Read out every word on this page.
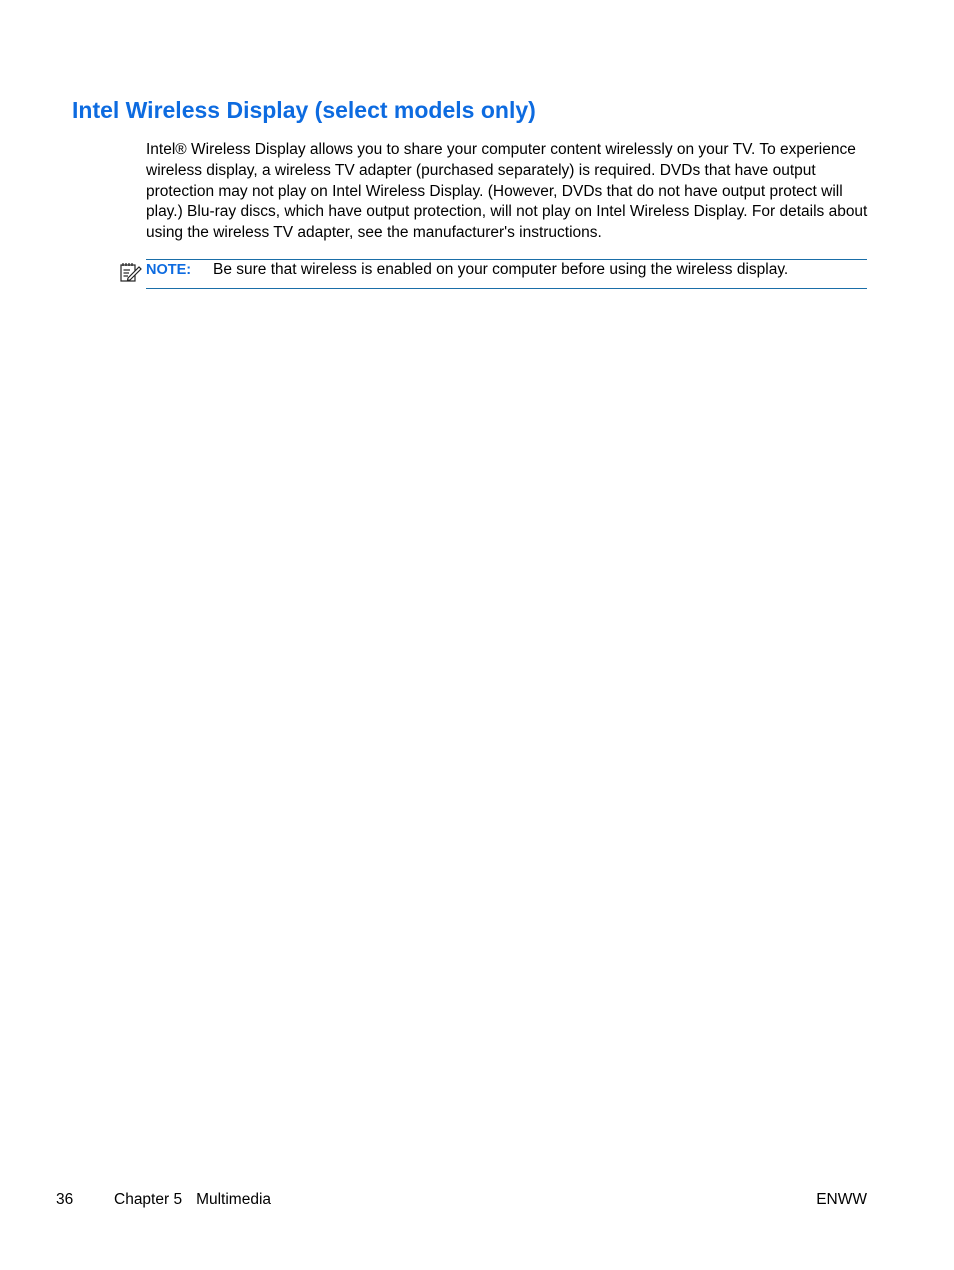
Intel Wireless Display (select models only)

Intel® Wireless Display allows you to share your computer content wirelessly on your TV. To experience wireless display, a wireless TV adapter (purchased separately) is required. DVDs that have output protection may not play on Intel Wireless Display. (However, DVDs that do not have output protect will play.) Blu-ray discs, which have output protection, will not play on Intel Wireless Display. For details about using the wireless TV adapter, see the manufacturer's instructions.

NOTE: Be sure that wireless is enabled on your computer before using the wireless display.
36	Chapter 5 Multimedia	ENWW
